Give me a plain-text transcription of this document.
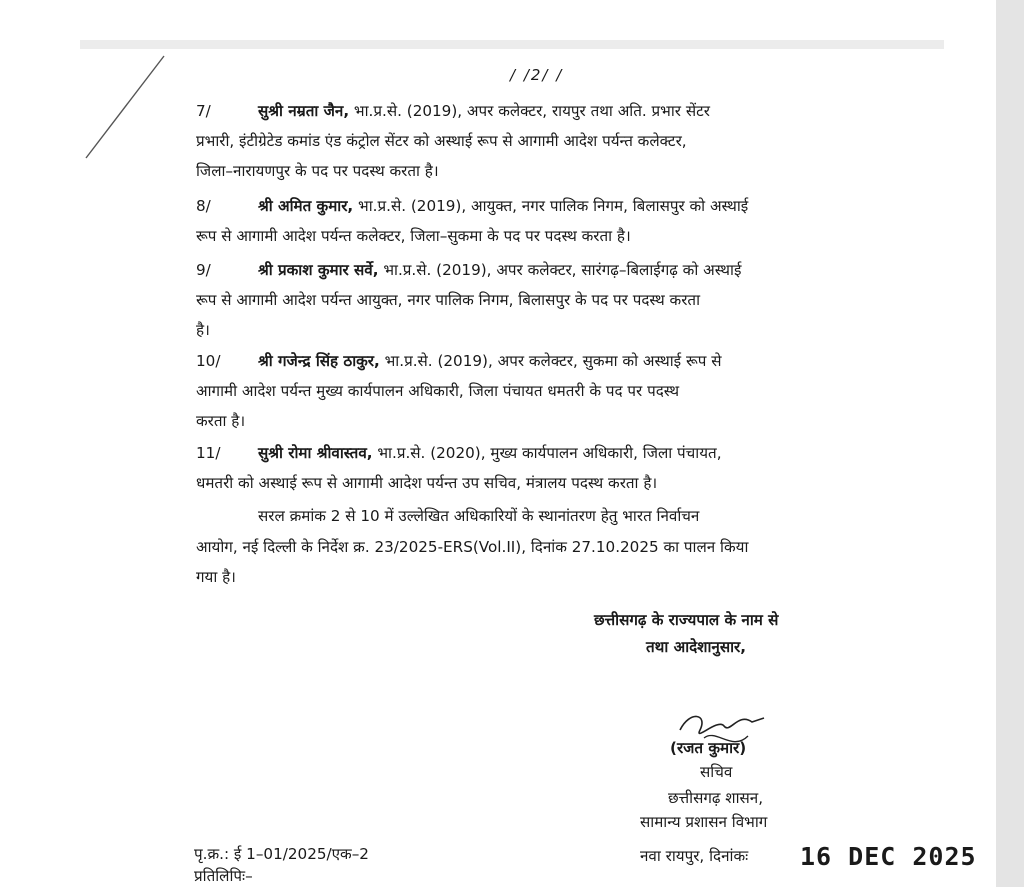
/ /2/ /
7/	सुश्री नम्रता जैन, भा.प्र.से. (2019), अपर कलेक्टर, रायपुर तथा अति. प्रभार सेंटर
प्रभारी, इंटीग्रेटेड कमांड एंड कंट्रोल सेंटर को अस्थाई रूप से आगामी आदेश पर्यन्त कलेक्टर,
जिला–नारायणपुर के पद पर पदस्थ करता है।
8/	श्री अमित कुमार, भा.प्र.से. (2019), आयुक्त, नगर पालिक निगम, बिलासपुर को अस्थाई
रूप से आगामी आदेश पर्यन्त कलेक्टर, जिला–सुकमा के पद पर पदस्थ करता है।
9/	श्री प्रकाश कुमार सर्वे, भा.प्र.से. (2019), अपर कलेक्टर, सारंगढ़–बिलाईगढ़ को अस्थाई
रूप से आगामी आदेश पर्यन्त आयुक्त, नगर पालिक निगम, बिलासपुर के पद पर पदस्थ करता
है।
10/ श्री गजेन्द्र सिंह ठाकुर, भा.प्र.से. (2019), अपर कलेक्टर, सुकमा को अस्थाई रूप से
आगामी आदेश पर्यन्त मुख्य कार्यपालन अधिकारी, जिला पंचायत धमतरी के पद पर पदस्थ
करता है।
11/ सुश्री रोमा श्रीवास्तव, भा.प्र.से. (2020), मुख्य कार्यपालन अधिकारी, जिला पंचायत,
धमतरी को अस्थाई रूप से आगामी आदेश पर्यन्त उप सचिव, मंत्रालय पदस्थ करता है।
सरल क्रमांक 2 से 10 में उल्लेखित अधिकारियों के स्थानांतरण हेतु भारत निर्वाचन
आयोग, नई दिल्ली के निर्देश क्र. 23/2025-ERS(Vol.II), दिनांक 27.10.2025 का पालन किया
गया है।
छत्तीसगढ़ के राज्यपाल के नाम से
तथा आदेशानुसार,
(रजत कुमार)
सचिव
छत्तीसगढ़ शासन,
सामान्य प्रशासन विभाग
पृ.क्र.: ई 1–01/2025/एक–2
प्रतिलिपिः–
नवा रायपुर, दिनांकः 16 DEC 2025
